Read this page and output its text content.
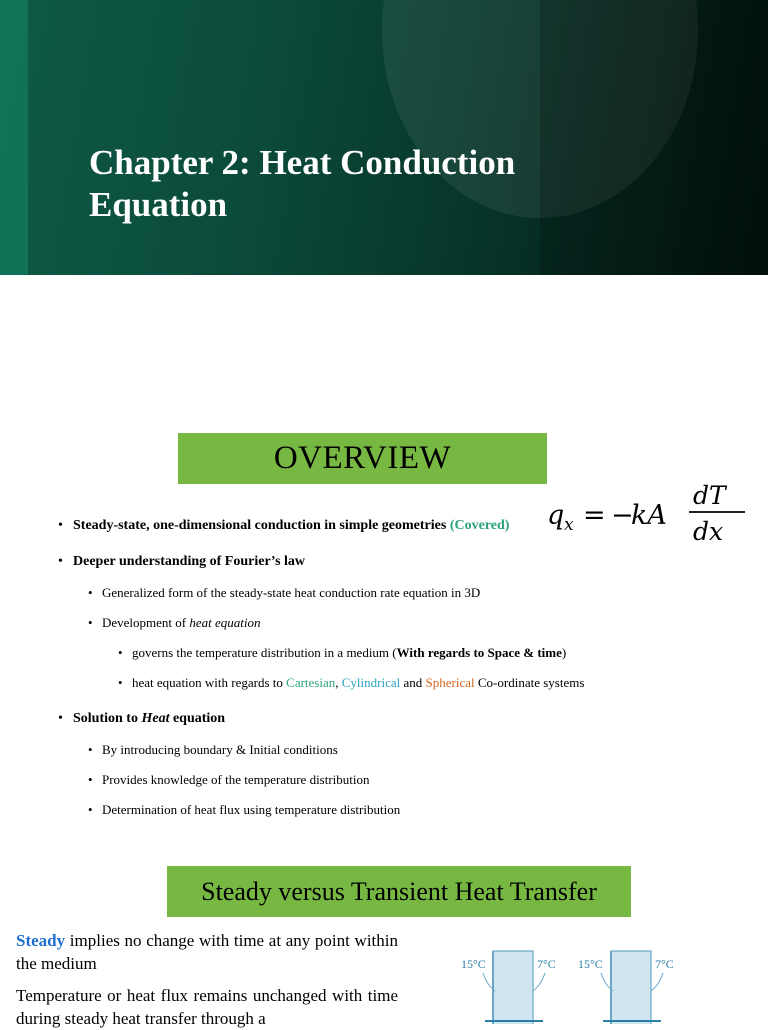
Chapter 2: Heat Conduction Equation
OVERVIEW
q x = −
kA
dT
dx
• Steady-state, one-dimensional conduction in simple geometries (Covered)
• Deeper understanding of Fourier’s law
• Generalized form of the steady-state heat conduction rate equation in 3D
• Development of heat equation
• governs the temperature distribution in a medium (With regards to Space & time)
• heat equation with regards to Cartesian, Cylindrical and Spherical Co-ordinate systems
• Solution to Heat equation
• By introducing boundary & Initial conditions
• Provides knowledge of the temperature distribution
• Determination of heat flux using temperature distribution
Steady versus Transient Heat Transfer
Steady implies no change with time at any point within the medium
Temperature or heat flux remains unchanged with time during steady heat transfer through a
15°C	7°C 15°C	7°C
